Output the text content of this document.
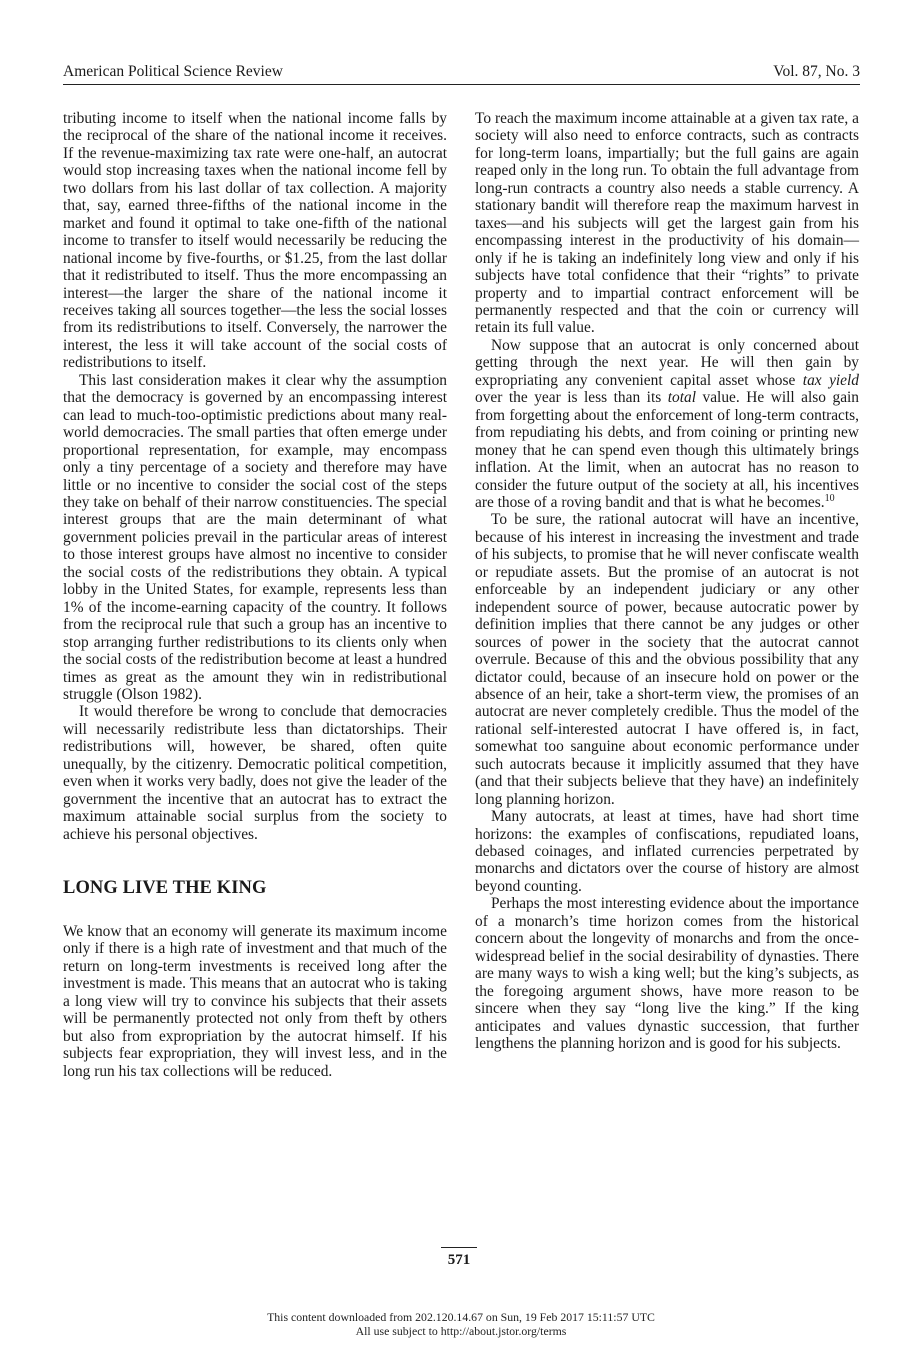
American Political Science Review	Vol. 87, No. 3

tributing income to itself when the national income falls by the reciprocal of the share of the national income it receives. If the revenue-maximizing tax rate were one-half, an autocrat would stop increasing taxes when the national income fell by two dollars from his last dollar of tax collection. A majority that, say, earned three-fifths of the national income in the market and found it optimal to take one-fifth of the national income to transfer to itself would necessarily be reducing the national income by five-fourths, or $1.25, from the last dollar that it redistributed to itself. Thus the more encompassing an interest—the larger the share of the national income it receives taking all sources together—the less the social losses from its redistributions to itself. Conversely, the narrower the interest, the less it will take account of the social costs of redistributions to itself.

This last consideration makes it clear why the assumption that the democracy is governed by an encompassing interest can lead to much-too-optimistic predictions about many real-world democracies. The small parties that often emerge under proportional representation, for example, may encompass only a tiny percentage of a society and therefore may have little or no incentive to consider the social cost of the steps they take on behalf of their narrow constituencies. The special interest groups that are the main determinant of what government policies prevail in the particular areas of interest to those interest groups have almost no incentive to consider the social costs of the redistributions they obtain. A typical lobby in the United States, for example, represents less than 1% of the income-earning capacity of the country. It follows from the reciprocal rule that such a group has an incentive to stop arranging further redistributions to its clients only when the social costs of the redistribution become at least a hundred times as great as the amount they win in redistributional struggle (Olson 1982).

It would therefore be wrong to conclude that democracies will necessarily redistribute less than dictatorships. Their redistributions will, however, be shared, often quite unequally, by the citizenry. Democratic political competition, even when it works very badly, does not give the leader of the government the incentive that an autocrat has to extract the maximum attainable social surplus from the society to achieve his personal objectives.

LONG LIVE THE KING

We know that an economy will generate its maximum income only if there is a high rate of investment and that much of the return on long-term investments is received long after the investment is made. This means that an autocrat who is taking a long view will try to convince his subjects that their assets will be permanently protected not only from theft by others but also from expropriation by the autocrat himself. If his subjects fear expropriation, they will invest less, and in the long run his tax collections will be reduced.

To reach the maximum income attainable at a given tax rate, a society will also need to enforce contracts, such as contracts for long-term loans, impartially; but the full gains are again reaped only in the long run. To obtain the full advantage from long-run contracts a country also needs a stable currency. A stationary bandit will therefore reap the maximum harvest in taxes—and his subjects will get the largest gain from his encompassing interest in the productivity of his domain—only if he is taking an indefinitely long view and only if his subjects have total confidence that their “rights” to private property and to impartial contract enforcement will be permanently respected and that the coin or currency will retain its full value.

Now suppose that an autocrat is only concerned about getting through the next year. He will then gain by expropriating any convenient capital asset whose tax yield over the year is less than its total value. He will also gain from forgetting about the enforcement of long-term contracts, from repudiating his debts, and from coining or printing new money that he can spend even though this ultimately brings inflation. At the limit, when an autocrat has no reason to consider the future output of the society at all, his incentives are those of a roving bandit and that is what he becomes.$^{10}$

To be sure, the rational autocrat will have an incentive, because of his interest in increasing the investment and trade of his subjects, to promise that he will never confiscate wealth or repudiate assets. But the promise of an autocrat is not enforceable by an independent judiciary or any other independent source of power, because autocratic power by definition implies that there cannot be any judges or other sources of power in the society that the autocrat cannot overrule. Because of this and the obvious possibility that any dictator could, because of an insecure hold on power or the absence of an heir, take a short-term view, the promises of an autocrat are never completely credible. Thus the model of the rational self-interested autocrat I have offered is, in fact, somewhat too sanguine about economic performance under such autocrats because it implicitly assumed that they have (and that their subjects believe that they have) an indefinitely long planning horizon.

Many autocrats, at least at times, have had short time horizons: the examples of confiscations, repudiated loans, debased coinages, and inflated currencies perpetrated by monarchs and dictators over the course of history are almost beyond counting.

Perhaps the most interesting evidence about the importance of a monarch’s time horizon comes from the historical concern about the longevity of monarchs and from the once-widespread belief in the social desirability of dynasties. There are many ways to wish a king well; but the king’s subjects, as the foregoing argument shows, have more reason to be sincere when they say “long live the king.” If the king anticipates and values dynastic succession, that further lengthens the planning horizon and is good for his subjects.

571
This content downloaded from 202.120.14.67 on Sun, 19 Feb 2017 15:11:57 UTC
All use subject to http://about.jstor.org/terms
